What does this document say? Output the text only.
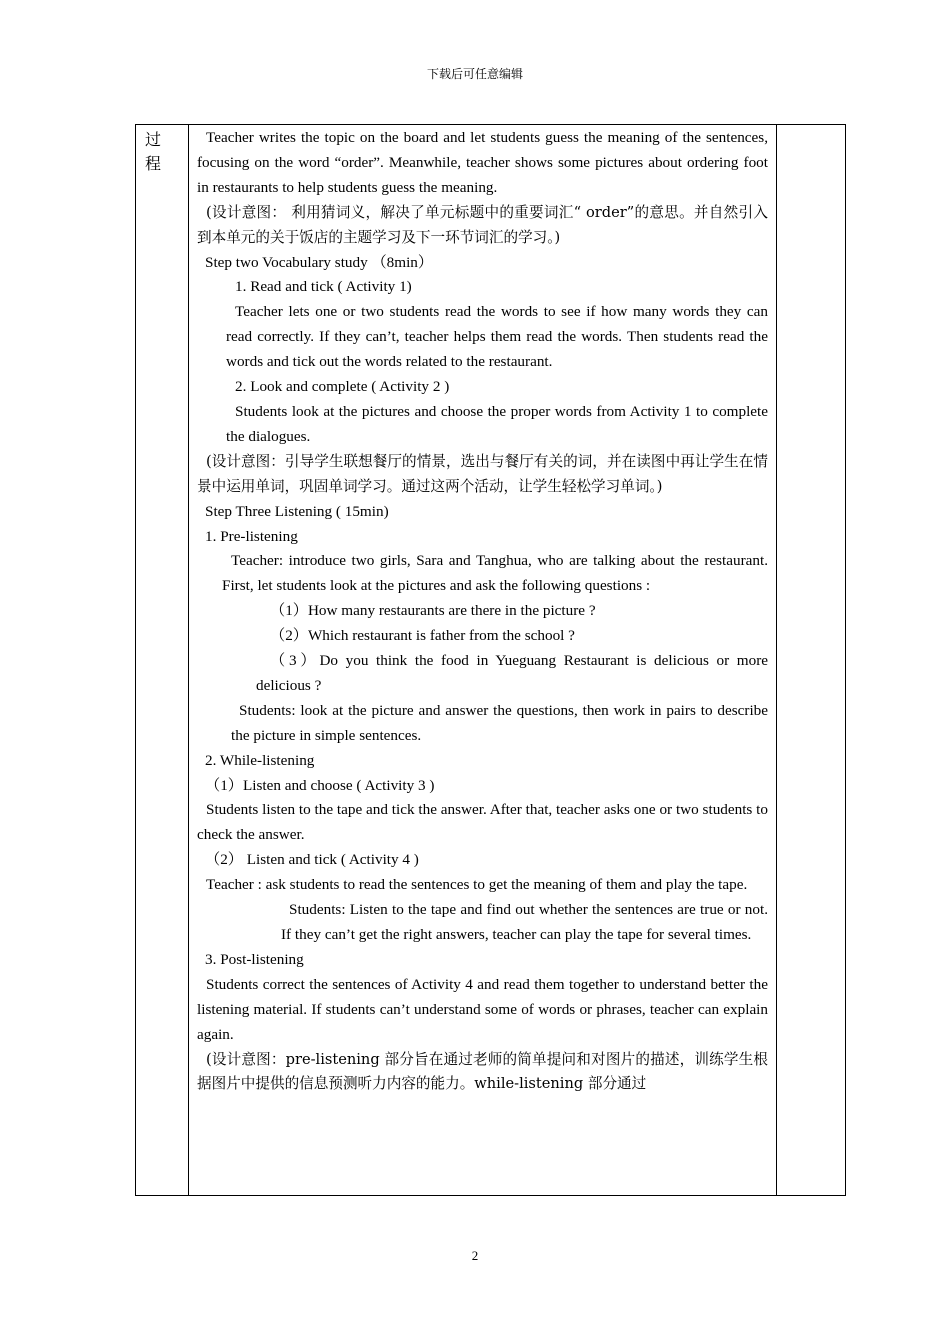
下载后可任意编辑
过
程

Teacher writes the topic on the board and let students guess the meaning of the sentences, focusing on the word “order”. Meanwhile, teacher shows some pictures about ordering foot in restaurants to help students guess the meaning.

(设计意图： 利用猜词义，解决了单元标题中的重要词汇“ order”的意思。并自然引入到本单元的关于饭店的主题学习及下一环节词汇的学习。)

Step two Vocabulary study （8min）

1. Read and tick ( Activity 1)

Teacher lets one or two students read the words to see if how many words they can read correctly. If they can’t, teacher helps them read the words. Then students read the words and tick out the words related to the restaurant.

2. Look and complete ( Activity 2 )

Students look at the pictures and choose the proper words from Activity 1 to complete the dialogues.

(设计意图：引导学生联想餐厅的情景，选出与餐厅有关的词，并在读图中再让学生在情景中运用单词，巩固单词学习。通过这两个活动，让学生轻松学习单词。)

Step Three Listening ( 15min)

1. Pre-listening

Teacher: introduce two girls, Sara and Tanghua, who are talking about the restaurant. First, let students look at the pictures and ask the following questions :

（1）How many restaurants are there in the picture ?

（2）Which restaurant is father from the school ?

（3）Do you think the food in Yueguang Restaurant is delicious or more delicious ?

Students: look at the picture and answer the questions, then work in pairs to describe the picture in simple sentences.

2. While-listening

（1）Listen and choose ( Activity 3 )

Students listen to the tape and tick the answer. After that, teacher asks one or two students to check the answer.

（2） Listen and tick ( Activity 4 )

Teacher : ask students to read the sentences to get the meaning of them and play the tape.

Students: Listen to the tape and find out whether the sentences are true or not. If they can’t get the right answers, teacher can play the tape for several times.

3. Post-listening

Students correct the sentences of Activity 4 and read them together to understand better the listening material. If students can’t understand some of words or phrases, teacher can explain again.

(设计意图：pre-listening 部分旨在通过老师的简单提问和对图片的描述，训练学生根据图片中提供的信息预测听力内容的能力。while-listening 部分通过

2
